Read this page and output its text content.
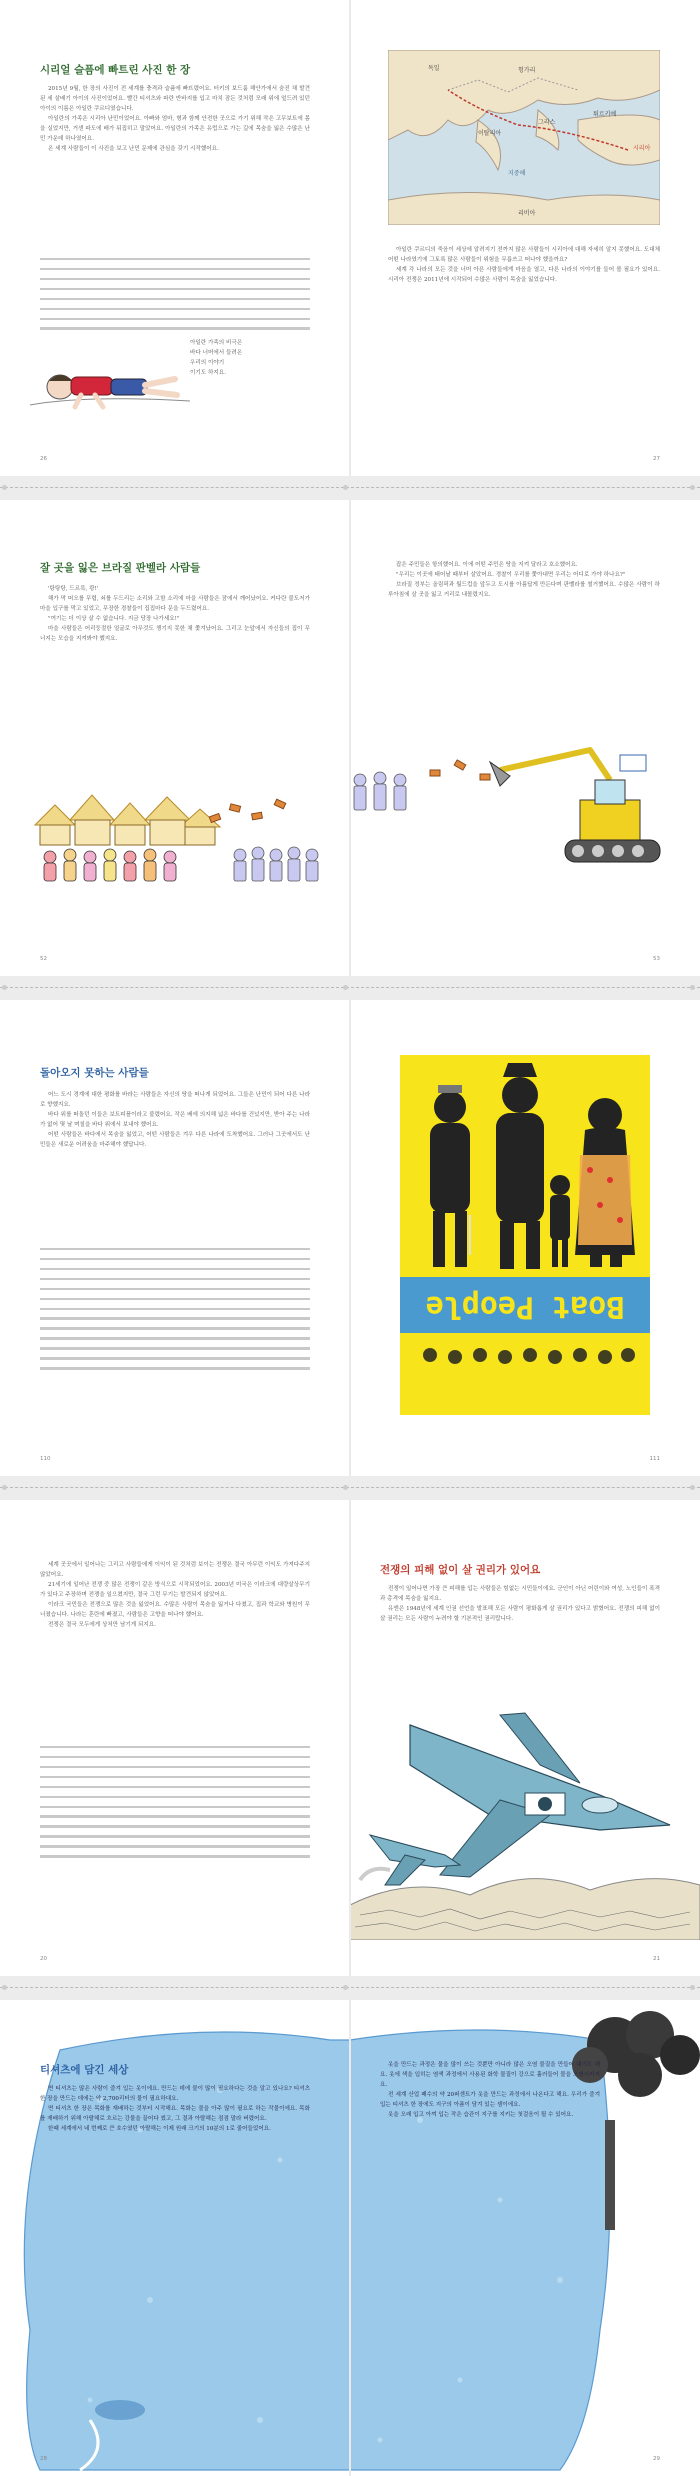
시리얼 슬픔에 빠트린 사진 한 장

2015년 9월, 한 장의 사진이 전 세계를 충격과 슬픔에 빠뜨렸어요. 터키의 보드룸 해안가에서 숨진 채 발견된 세 살배기 아이의 사진이었어요. 빨간 티셔츠와 파란 반바지를 입고 마치 잠든 것처럼 모래 위에 엎드려 있던 아이의 이름은 아일란 쿠르디였습니다.

아일란의 가족은 시리아 난민이었어요. 아빠와 엄마, 형과 함께 안전한 곳으로 가기 위해 작은 고무보트에 몸을 실었지만, 거센 파도에 배가 뒤집히고 말았어요. 아일란의 가족은 유럽으로 가는 길에 목숨을 잃은 수많은 난민 가운데 하나였어요.

온 세계 사람들이 이 사진을 보고 난민 문제에 관심을 갖기 시작했어요.

아일란 가족의 비극은
바다 너머에서 들려온
우리의 이야기
이기도 하지요.
26
독일	헝가리
이탈리아
그리스
튀르키예
시리아
지중해
리비아

아일란 쿠르디의 죽음이 세상에 알려지기 전까지 많은 사람들이 시리아에 대해 자세히 알지 못했어요. 도대체 어떤 나라였기에 그토록 많은 사람들이 위험을 무릅쓰고 떠나야 했을까요?

세계 각 나라의 모든 것을 너머 아픈 사람들에게 마음을 열고, 다른 나라의 이야기를 들어 볼 필요가 있어요. 시리아 전쟁은 2011년에 시작되어 수많은 사람이 목숨을 잃었습니다.

27
잘 곳을 잃은 브라질 판벨라 사람들

'탕탕탕, 드르륵, 쾅!'

해가 막 떠오를 무렵, 쇠를 두드리는 소리와 고함 소리에 마을 사람들은 잠에서 깨어났어요. 커다란 불도저가 마을 입구를 막고 있었고, 무장한 경찰들이 집집마다 문을 두드렸어요.

"여기는 더 이상 살 수 없습니다. 지금 당장 나가세요!"

마을 사람들은 어리둥절한 얼굴로 아무것도 챙기지 못한 채 쫓겨났어요. 그리고 눈앞에서 자신들의 집이 무너지는 모습을 지켜봐야 했지요.

52

잡은 주민들은 항의했어요. 이에 어떤 주민은 땅을 지켜 달라고 호소했어요.

"우리는 이곳에 태어날 때부터 살았어요. 경찰이 우리를 쫓아내면 우리는 어디로 가야 하나요?"

브라질 정부는 올림픽과 월드컵을 앞두고 도시를 아름답게 만든다며 판벨라를 철거했어요. 수많은 사람이 하루아침에 살 곳을 잃고 거리로 내몰렸지요.

53
돌아오지 못하는 사람들

어느 도시 경계에 대한 평화를 바라는 사람들은 자신의 땅을 떠나게 되었어요. 그들은 난민이 되어 다른 나라로 향했지요.

바다 위를 떠돌던 이들은 보트피플이라고 불렸어요. 작은 배에 의지해 넓은 바다를 건넜지만, 받아 주는 나라가 없어 몇 날 며칠을 바다 위에서 보내야 했어요.

어떤 사람들은 바다에서 목숨을 잃었고, 어떤 사람들은 겨우 다른 나라에 도착했어요. 그러나 그곳에서도 난민들은 새로운 어려움을 마주해야 했답니다.

110
Boat People
111

세계 곳곳에서 일어나는 그리고 사람들에게 이익이 된 것처럼 보이는 전쟁은 결국 아무런 이익도 가져다주지 않았어요.

21세기에 일어난 전쟁 중 많은 전쟁이 같은 방식으로 시작되었어요. 2003년 미국은 이라크에 대량살상무기가 있다고 주장하며 전쟁을 일으켰지만, 결국 그런 무기는 발견되지 않았어요.

이라크 국민들은 전쟁으로 많은 것을 잃었어요. 수많은 사람이 목숨을 잃거나 다쳤고, 집과 학교와 병원이 무너졌습니다. 나라는 혼란에 빠졌고, 사람들은 고향을 떠나야 했어요.

전쟁은 결국 모두에게 상처만 남기게 되지요.

20
전쟁의 피해 없이 살 권리가 있어요

전쟁이 일어나면 가장 큰 피해를 입는 사람들은 힘없는 시민들이에요. 군인이 아닌 어린이와 여성, 노인들이 폭격과 총격에 목숨을 잃지요.

유엔은 1948년에 세계 인권 선언을 발표해 모든 사람이 평화롭게 살 권리가 있다고 밝혔어요. 전쟁의 피해 없이 살 권리는 모든 사람이 누려야 할 기본적인 권리랍니다.

21
티셔츠에 담긴 세상

면 티셔츠는 많은 사람이 즐겨 입는 옷이에요. 만드는 데에 물이 많이 필요하다는 것을 알고 있나요? 티셔츠 한 장을 만드는 데에는 약 2,700리터의 물이 필요하대요.

면 티셔츠 한 장은 목화를 재배하는 것부터 시작해요. 목화는 물을 아주 많이 필요로 하는 작물이에요. 목화를 재배하기 위해 아랄해로 흐르는 강물을 끌어다 썼고, 그 결과 아랄해는 점점 말라 버렸어요.

한때 세계에서 네 번째로 큰 호수였던 아랄해는 이제 원래 크기의 10분의 1로 줄어들었어요.

28

옷을 만드는 과정은 물을 많이 쓰는 것뿐만 아니라 많은 오염 물질을 만들어 내기도 해요. 옷에 색을 입히는 염색 과정에서 사용된 화학 물질이 강으로 흘러들어 물을 오염시키지요.

전 세계 산업 폐수의 약 20퍼센트가 옷을 만드는 과정에서 나온다고 해요. 우리가 즐겨 입는 티셔츠 한 장에도 지구의 아픔이 담겨 있는 셈이에요.

옷을 오래 입고 아껴 입는 작은 습관이 지구를 지키는 첫걸음이 될 수 있어요.

29
